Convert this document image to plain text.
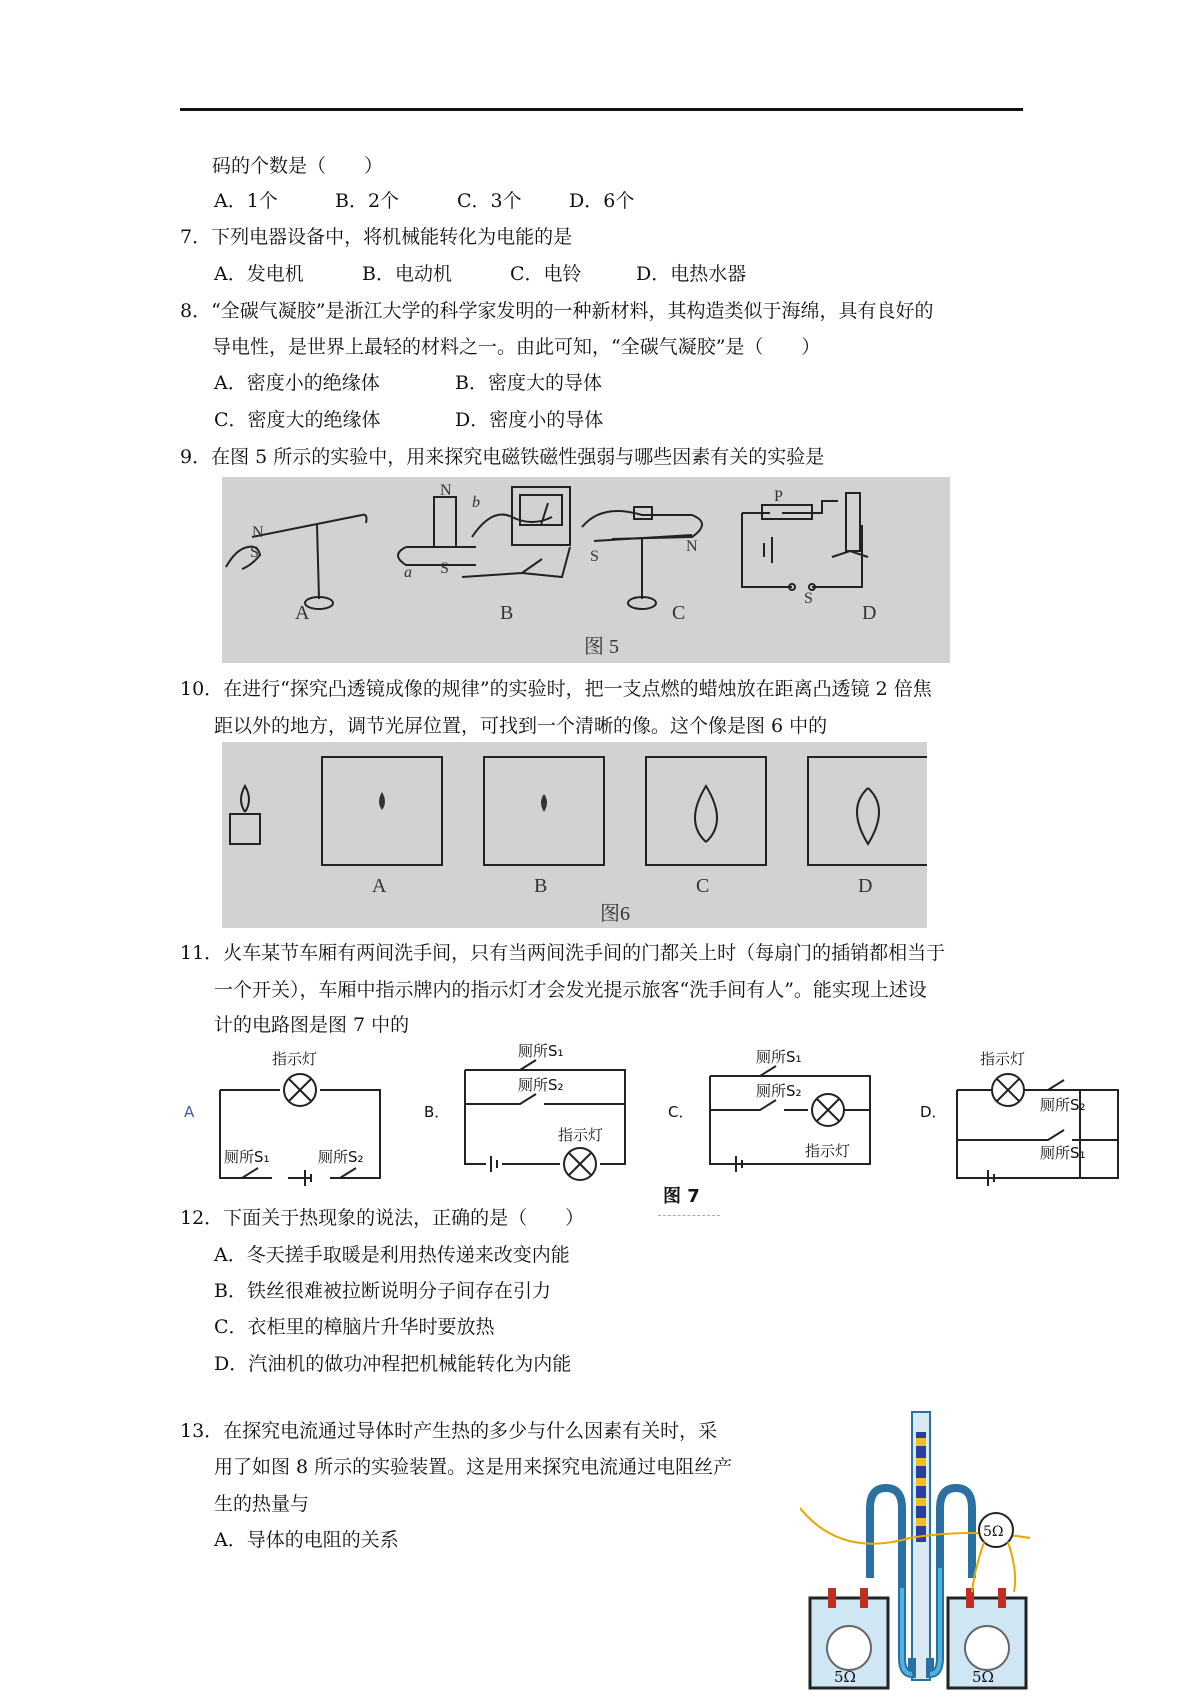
码的个数是（　　）
A．1个	B．2个	C．3个 D．6个
7．下列电器设备中，将机械能转化为电能的是
A．发电机	B．电动机	C．电铃	D．电热水器
8．“全碳气凝胶”是浙江大学的科学家发明的一种新材料，其构造类似于海绵，具有良好的
导电性，是世界上最轻的材料之一。由此可知，“全碳气凝胶”是（　　）
A．密度小的绝缘体	B．密度大的导体
C．密度大的绝缘体	D．密度小的导体
9．在图 5 所示的实验中，用来探究电磁铁磁性强弱与哪些因素有关的实验是
N
S
N
S
a
b
S
N
P
S
A	B	C	D
图 5
10．在进行“探究凸透镜成像的规律”的实验时，把一支点燃的蜡烛放在距离凸透镜 2 倍焦
距以外的地方，调节光屏位置，可找到一个清晰的像。这个像是图 6 中的
A	B	C	D
图6
11．火车某节车厢有两间洗手间，只有当两间洗手间的门都关上时（每扇门的插销都相当于
一个开关），车厢中指示牌内的指示灯才会发光提示旅客“洗手间有人”。能实现上述设
计的电路图是图 7 中的
A
指示灯
厕所S₁	厕所S₂
B．
厕所S₁
厕所S₂
指示灯
C．
厕所S₁
厕所S₂
指示灯
D．
指示灯
厕所S₂
厕所S₁
图 7
12．下面关于热现象的说法，正确的是（　　）
A．冬天搓手取暖是利用热传递来改变内能
B．铁丝很难被拉断说明分子间存在引力
C．衣柜里的樟脑片升华时要放热
D．汽油机的做功冲程把机械能转化为内能
13．在探究电流通过导体时产生热的多少与什么因素有关时，采
用了如图 8 所示的实验装置。这是用来探究电流通过电阻丝产
生的热量与
A．导体的电阻的关系
5Ω	5Ω
5Ω
